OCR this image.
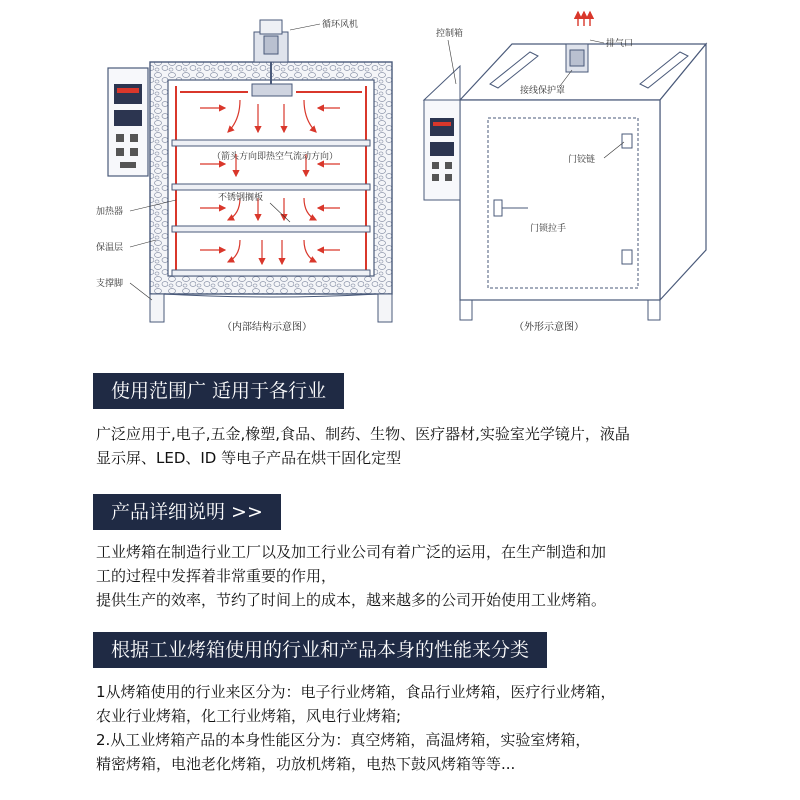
循环风机
（箭头方向即热空气流动方向）
不锈钢搁板
加热器
保温层
支撑脚
（内部结构示意图）
控制箱
排气口
接线保护罩
门铰链
门锁拉手
（外形示意图）
使用范围广 适用于各行业
广泛应用于,电子,五金,橡塑,食品、制药、生物、医疗器材,实验室光学镜片，液晶
显示屏、LED、ID 等电子产品在烘干固化定型
产品详细说明 >>
工业烤箱在制造行业工厂以及加工行业公司有着广泛的运用，在生产制造和加
工的过程中发挥着非常重要的作用，
提供生产的效率，节约了时间上的成本，越来越多的公司开始使用工业烤箱。
根据工业烤箱使用的行业和产品本身的性能来分类
1从烤箱使用的行业来区分为：电子行业烤箱，食品行业烤箱，医疗行业烤箱，
农业行业烤箱，化工行业烤箱，风电行业烤箱;
2.从工业烤箱产品的本身性能区分为：真空烤箱，高温烤箱，实验室烤箱，
精密烤箱，电池老化烤箱，功放机烤箱，电热下鼓风烤箱等等...
